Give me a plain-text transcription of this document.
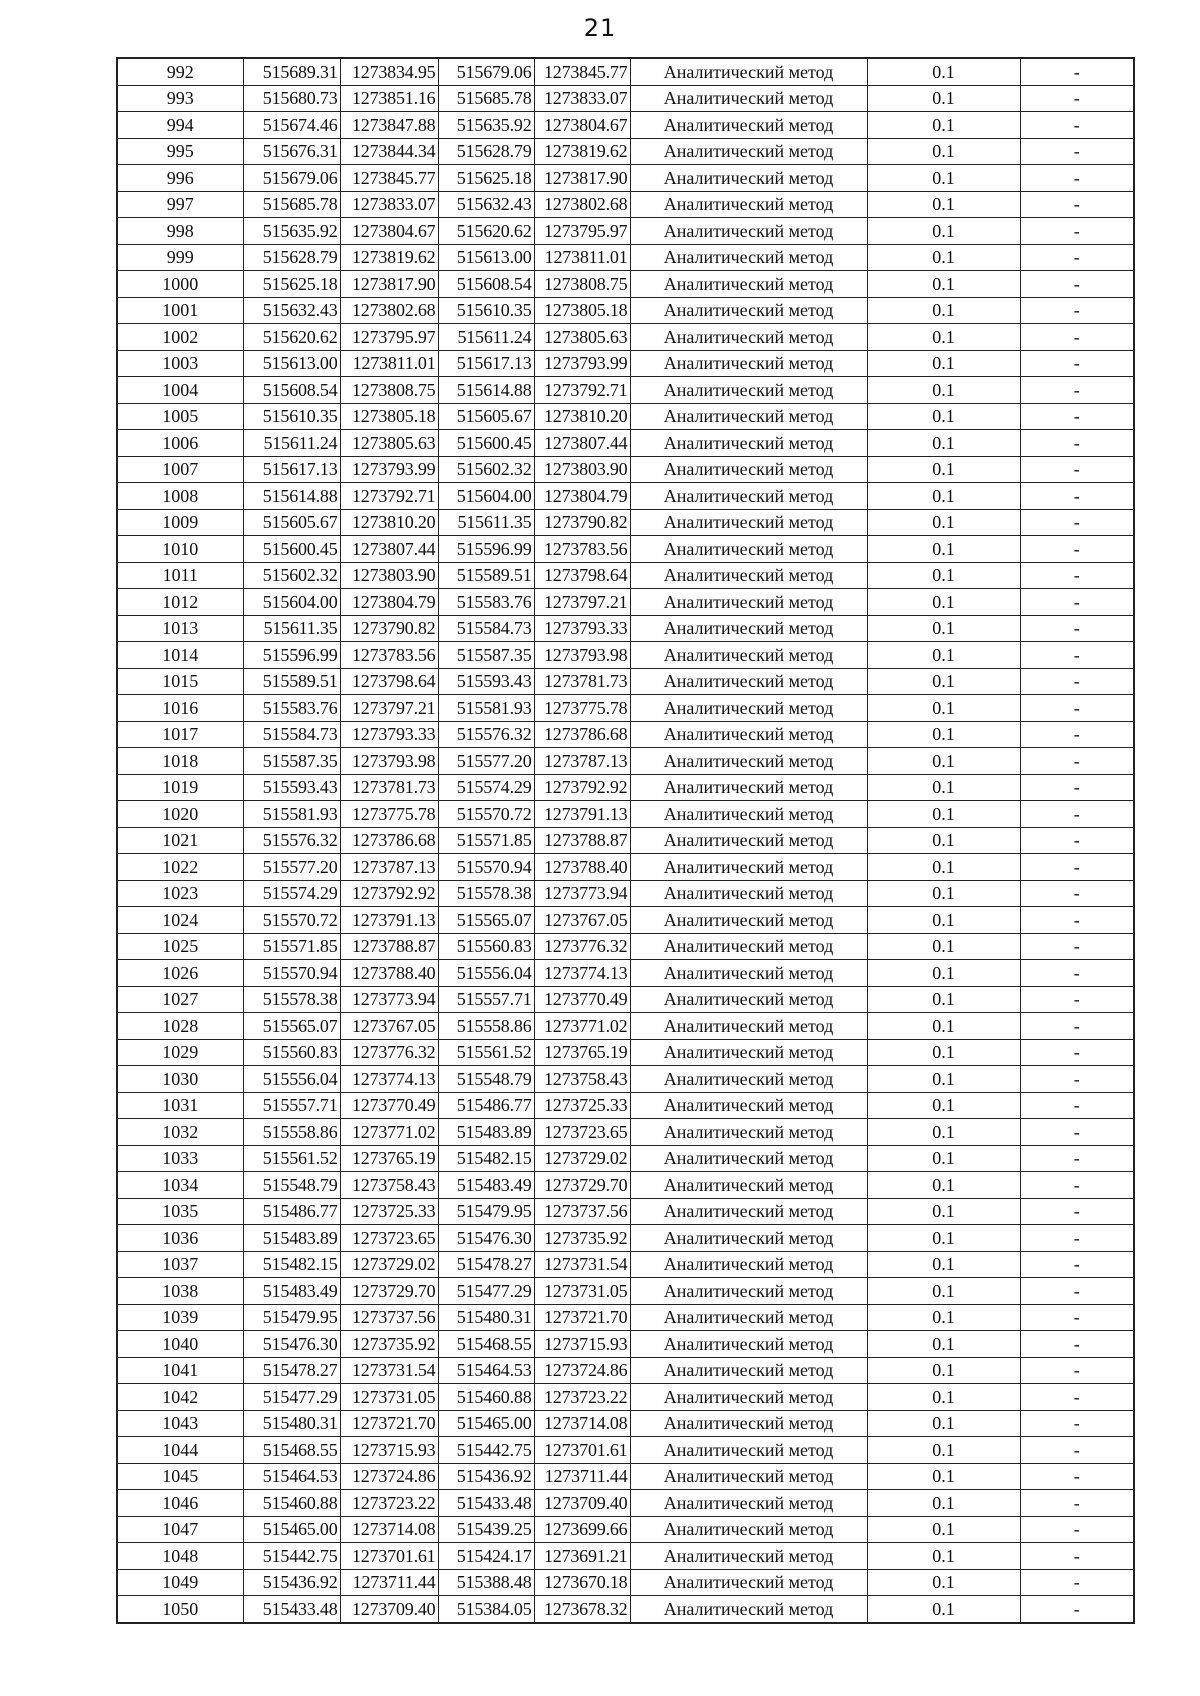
21
992	515689.31	1273834.95	515679.06	1273845.77	Аналитический метод	0.1	-
993	515680.73	1273851.16	515685.78	1273833.07	Аналитический метод	0.1	-
994	515674.46	1273847.88	515635.92	1273804.67	Аналитический метод	0.1	-
995	515676.31	1273844.34	515628.79	1273819.62	Аналитический метод	0.1	-
996	515679.06	1273845.77	515625.18	1273817.90	Аналитический метод	0.1	-
997	515685.78	1273833.07	515632.43	1273802.68	Аналитический метод	0.1	-
998	515635.92	1273804.67	515620.62	1273795.97	Аналитический метод	0.1	-
999	515628.79	1273819.62	515613.00	1273811.01	Аналитический метод	0.1	-
1000	515625.18	1273817.90	515608.54	1273808.75	Аналитический метод	0.1	-
1001	515632.43	1273802.68	515610.35	1273805.18	Аналитический метод	0.1	-
1002	515620.62	1273795.97	515611.24	1273805.63	Аналитический метод	0.1	-
1003	515613.00	1273811.01	515617.13	1273793.99	Аналитический метод	0.1	-
1004	515608.54	1273808.75	515614.88	1273792.71	Аналитический метод	0.1	-
1005	515610.35	1273805.18	515605.67	1273810.20	Аналитический метод	0.1	-
1006	515611.24	1273805.63	515600.45	1273807.44	Аналитический метод	0.1	-
1007	515617.13	1273793.99	515602.32	1273803.90	Аналитический метод	0.1	-
1008	515614.88	1273792.71	515604.00	1273804.79	Аналитический метод	0.1	-
1009	515605.67	1273810.20	515611.35	1273790.82	Аналитический метод	0.1	-
1010	515600.45	1273807.44	515596.99	1273783.56	Аналитический метод	0.1	-
1011	515602.32	1273803.90	515589.51	1273798.64	Аналитический метод	0.1	-
1012	515604.00	1273804.79	515583.76	1273797.21	Аналитический метод	0.1	-
1013	515611.35	1273790.82	515584.73	1273793.33	Аналитический метод	0.1	-
1014	515596.99	1273783.56	515587.35	1273793.98	Аналитический метод	0.1	-
1015	515589.51	1273798.64	515593.43	1273781.73	Аналитический метод	0.1	-
1016	515583.76	1273797.21	515581.93	1273775.78	Аналитический метод	0.1	-
1017	515584.73	1273793.33	515576.32	1273786.68	Аналитический метод	0.1	-
1018	515587.35	1273793.98	515577.20	1273787.13	Аналитический метод	0.1	-
1019	515593.43	1273781.73	515574.29	1273792.92	Аналитический метод	0.1	-
1020	515581.93	1273775.78	515570.72	1273791.13	Аналитический метод	0.1	-
1021	515576.32	1273786.68	515571.85	1273788.87	Аналитический метод	0.1	-
1022	515577.20	1273787.13	515570.94	1273788.40	Аналитический метод	0.1	-
1023	515574.29	1273792.92	515578.38	1273773.94	Аналитический метод	0.1	-
1024	515570.72	1273791.13	515565.07	1273767.05	Аналитический метод	0.1	-
1025	515571.85	1273788.87	515560.83	1273776.32	Аналитический метод	0.1	-
1026	515570.94	1273788.40	515556.04	1273774.13	Аналитический метод	0.1	-
1027	515578.38	1273773.94	515557.71	1273770.49	Аналитический метод	0.1	-
1028	515565.07	1273767.05	515558.86	1273771.02	Аналитический метод	0.1	-
1029	515560.83	1273776.32	515561.52	1273765.19	Аналитический метод	0.1	-
1030	515556.04	1273774.13	515548.79	1273758.43	Аналитический метод	0.1	-
1031	515557.71	1273770.49	515486.77	1273725.33	Аналитический метод	0.1	-
1032	515558.86	1273771.02	515483.89	1273723.65	Аналитический метод	0.1	-
1033	515561.52	1273765.19	515482.15	1273729.02	Аналитический метод	0.1	-
1034	515548.79	1273758.43	515483.49	1273729.70	Аналитический метод	0.1	-
1035	515486.77	1273725.33	515479.95	1273737.56	Аналитический метод	0.1	-
1036	515483.89	1273723.65	515476.30	1273735.92	Аналитический метод	0.1	-
1037	515482.15	1273729.02	515478.27	1273731.54	Аналитический метод	0.1	-
1038	515483.49	1273729.70	515477.29	1273731.05	Аналитический метод	0.1	-
1039	515479.95	1273737.56	515480.31	1273721.70	Аналитический метод	0.1	-
1040	515476.30	1273735.92	515468.55	1273715.93	Аналитический метод	0.1	-
1041	515478.27	1273731.54	515464.53	1273724.86	Аналитический метод	0.1	-
1042	515477.29	1273731.05	515460.88	1273723.22	Аналитический метод	0.1	-
1043	515480.31	1273721.70	515465.00	1273714.08	Аналитический метод	0.1	-
1044	515468.55	1273715.93	515442.75	1273701.61	Аналитический метод	0.1	-
1045	515464.53	1273724.86	515436.92	1273711.44	Аналитический метод	0.1	-
1046	515460.88	1273723.22	515433.48	1273709.40	Аналитический метод	0.1	-
1047	515465.00	1273714.08	515439.25	1273699.66	Аналитический метод	0.1	-
1048	515442.75	1273701.61	515424.17	1273691.21	Аналитический метод	0.1	-
1049	515436.92	1273711.44	515388.48	1273670.18	Аналитический метод	0.1	-
1050	515433.48	1273709.40	515384.05	1273678.32	Аналитический метод	0.1	-
